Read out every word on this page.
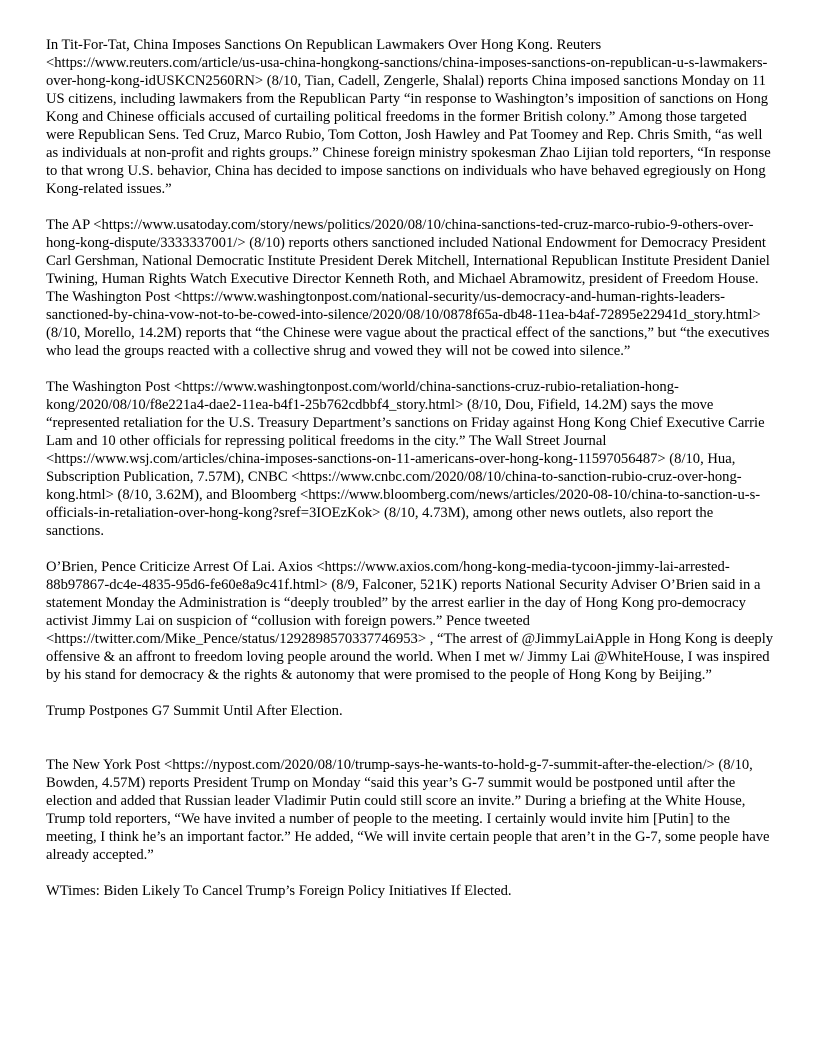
In Tit-For-Tat, China Imposes Sanctions On Republican Lawmakers Over Hong Kong. Reuters <https://www.reuters.com/article/us-usa-china-hongkong-sanctions/china-imposes-sanctions-on-republican-u-s-lawmakers-over-hong-kong-idUSKCN2560RN> (8/10, Tian, Cadell, Zengerle, Shalal) reports China imposed sanctions Monday on 11 US citizens, including lawmakers from the Republican Party “in response to Washington’s imposition of sanctions on Hong Kong and Chinese officials accused of curtailing political freedoms in the former British colony.” Among those targeted were Republican Sens. Ted Cruz, Marco Rubio, Tom Cotton, Josh Hawley and Pat Toomey and Rep. Chris Smith, “as well as individuals at non-profit and rights groups.” Chinese foreign ministry spokesman Zhao Lijian told reporters, “In response to that wrong U.S. behavior, China has decided to impose sanctions on individuals who have behaved egregiously on Hong Kong-related issues.”

The AP <https://www.usatoday.com/story/news/politics/2020/08/10/china-sanctions-ted-cruz-marco-rubio-9-others-over-hong-kong-dispute/3333337001/> (8/10) reports others sanctioned included National Endowment for Democracy President Carl Gershman, National Democratic Institute President Derek Mitchell, International Republican Institute President Daniel Twining, Human Rights Watch Executive Director Kenneth Roth, and Michael Abramowitz, president of Freedom House. The Washington Post <https://www.washingtonpost.com/national-security/us-democracy-and-human-rights-leaders-sanctioned-by-china-vow-not-to-be-cowed-into-silence/2020/08/10/0878f65a-db48-11ea-b4af-72895e22941d_story.html> (8/10, Morello, 14.2M) reports that “the Chinese were vague about the practical effect of the sanctions,” but “the executives who lead the groups reacted with a collective shrug and vowed they will not be cowed into silence.”

The Washington Post <https://www.washingtonpost.com/world/china-sanctions-cruz-rubio-retaliation-hong-kong/2020/08/10/f8e221a4-dae2-11ea-b4f1-25b762cdbbf4_story.html> (8/10, Dou, Fifield, 14.2M) says the move “represented retaliation for the U.S. Treasury Department’s sanctions on Friday against Hong Kong Chief Executive Carrie Lam and 10 other officials for repressing political freedoms in the city.” The Wall Street Journal <https://www.wsj.com/articles/china-imposes-sanctions-on-11-americans-over-hong-kong-11597056487> (8/10, Hua, Subscription Publication, 7.57M), CNBC <https://www.cnbc.com/2020/08/10/china-to-sanction-rubio-cruz-over-hong-kong.html> (8/10, 3.62M), and Bloomberg <https://www.bloomberg.com/news/articles/2020-08-10/china-to-sanction-u-s-officials-in-retaliation-over-hong-kong?sref=3IOEzKok> (8/10, 4.73M), among other news outlets, also report the sanctions.

O’Brien, Pence Criticize Arrest Of Lai. Axios <https://www.axios.com/hong-kong-media-tycoon-jimmy-lai-arrested-88b97867-dc4e-4835-95d6-fe60e8a9c41f.html> (8/9, Falconer, 521K) reports National Security Adviser O’Brien said in a statement Monday the Administration is “deeply troubled” by the arrest earlier in the day of Hong Kong pro-democracy activist Jimmy Lai on suspicion of “collusion with foreign powers.” Pence tweeted <https://twitter.com/Mike_Pence/status/1292898570337746953> , “The arrest of @JimmyLaiApple in Hong Kong is deeply offensive & an affront to freedom loving people around the world. When I met w/ Jimmy Lai @WhiteHouse, I was inspired by his stand for democracy & the rights & autonomy that were promised to the people of Hong Kong by Beijing.”

Trump Postpones G7 Summit Until After Election.

The New York Post <https://nypost.com/2020/08/10/trump-says-he-wants-to-hold-g-7-summit-after-the-election/> (8/10, Bowden, 4.57M) reports President Trump on Monday “said this year’s G-7 summit would be postponed until after the election and added that Russian leader Vladimir Putin could still score an invite.” During a briefing at the White House, Trump told reporters, “We have invited a number of people to the meeting. I certainly would invite him [Putin] to the meeting, I think he’s an important factor.” He added, “We will invite certain people that aren’t in the G-7, some people have already accepted.”

WTimes: Biden Likely To Cancel Trump’s Foreign Policy Initiatives If Elected.
